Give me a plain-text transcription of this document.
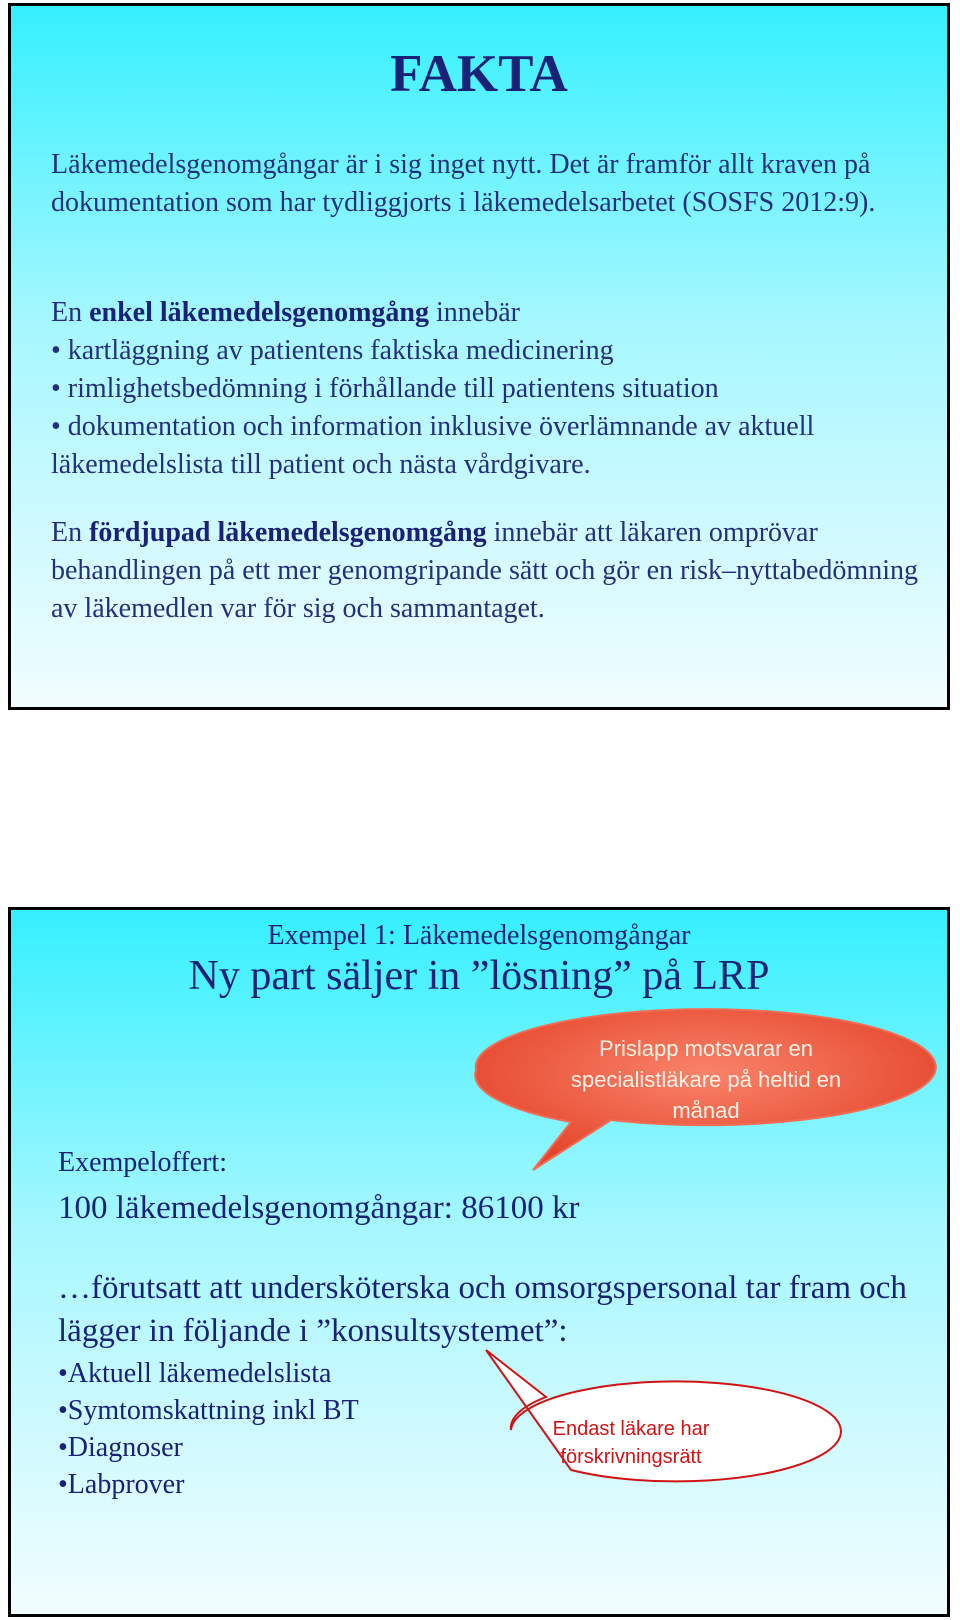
FAKTA
Läkemedelsgenomgångar är i sig inget nytt. Det är framför allt kraven på dokumentation som har tydliggjorts i läkemedelsarbetet (SOSFS 2012:9).
En enkel läkemedelsgenomgång innebär
• kartläggning av patientens faktiska medicinering
• rimlighetsbedömning i förhållande till patientens situation
• dokumentation och information inklusive överlämnande av aktuell läkemedelslista till patient och nästa vårdgivare.
En fördjupad läkemedelsgenomgång innebär att läkaren omprövar behandlingen på ett mer genomgripande sätt och gör en risk–nyttabedömning av läkemedlen var för sig och sammantaget.
Exempel 1: Läkemedelsgenomgångar
Ny part säljer in ”lösning” på LRP
Prislapp motsvarar en specialistläkare på heltid en månad
Exempeloffert:
100 läkemedelsgenomgångar: 86100 kr
…förutsatt att undersköterska och omsorgspersonal tar fram och lägger in följande i ”konsultsystemet”:
•Aktuell läkemedelslista
•Symtomskattning inkl BT
•Diagnoser
•Labprover
Endast läkare har förskrivningsrätt
